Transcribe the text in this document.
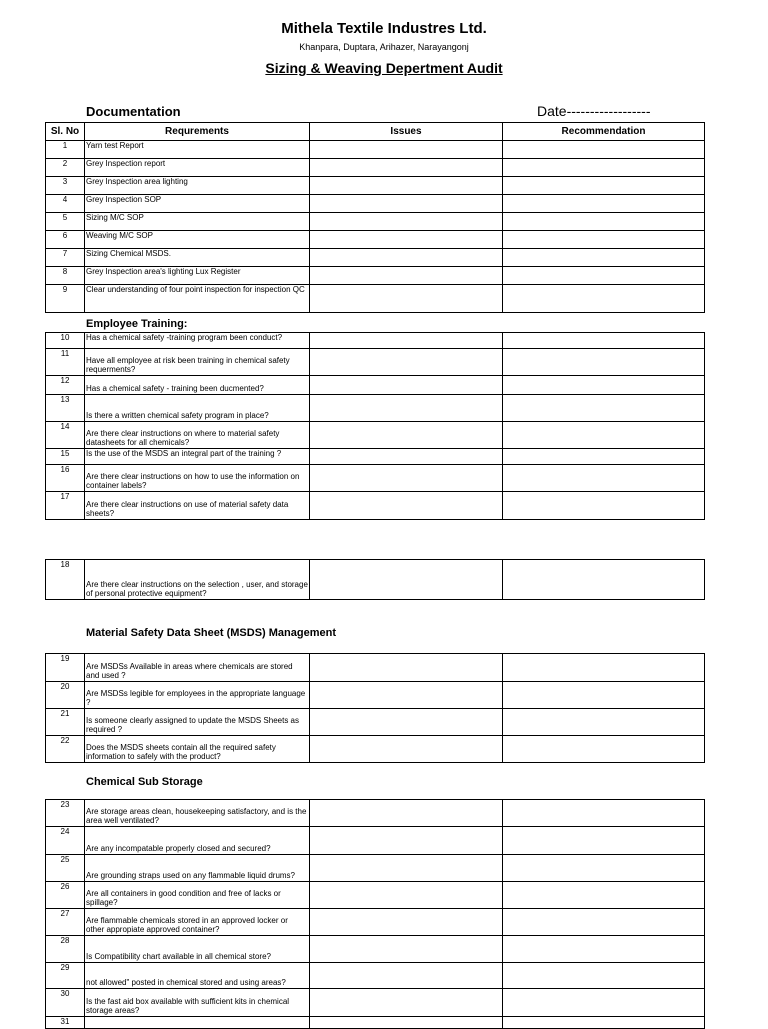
Mithela Textile Industres Ltd.
Khanpara, Duptara, Arihazer, Narayangonj
Sizing & Weaving Depertment Audit
Documentation	Date------------------
Sl. No	Requrements	Issues	Recommendation
1	Yarn test Report		
2	Grey Inspection report		
3	Grey Inspection area lighting		
4	Grey Inspection SOP		
5	Sizing M/C SOP		
6	Weaving M/C SOP		
7	Sizing Chemical MSDS.		
8	Grey Inspection area's lighting Lux Register		
9	Clear understanding of four point inspection for inspection QC		
Employee Training:
10	Has a chemical safety -training program been conduct?		
11	Have all employee at risk been training in chemical safety requerments?		
12	Has a chemical safety - training been ducmented?		
13	Is there a written chemical safety program in place?		
14	Are there clear instructions on where to material safety datasheets for all chemicals?		
15	Is the use of the MSDS an integral part of the training ?		
16	Are there clear instructions on how to use the information on container labels?		
17	Are there clear instructions on use of material safety data sheets?		
18	Are there clear instructions on the selection , user, and storage of personal protective equipment?		
Material Safety Data Sheet (MSDS) Management
19	Are MSDSs Available in areas where chemicals are stored and used ?		
20	Are MSDSs legible for employees in the appropriate language ?		
21	Is someone clearly assigned to update the MSDS Sheets as required ?		
22	Does the MSDS sheets contain all the required safety information to safely with the product?		
Chemical Sub Storage
23	Are storage areas clean, housekeeping satisfactory, and is the area well ventilated?		
24	Are any incompatable properly closed and secured?		
25	Are grounding straps used on any flammable liquid drums?		
26	Are all containers in good condition and free of lacks or spillage?		
27	Are flammable chemicals stored in an approved locker or other appropiate approved container?		
28	Is Compatibility chart available in all chemical store?		
29	not allowed" posted in chemical stored and using areas?		
30	Is the fast aid box available with sufficient kits in chemical storage areas?		
31			
